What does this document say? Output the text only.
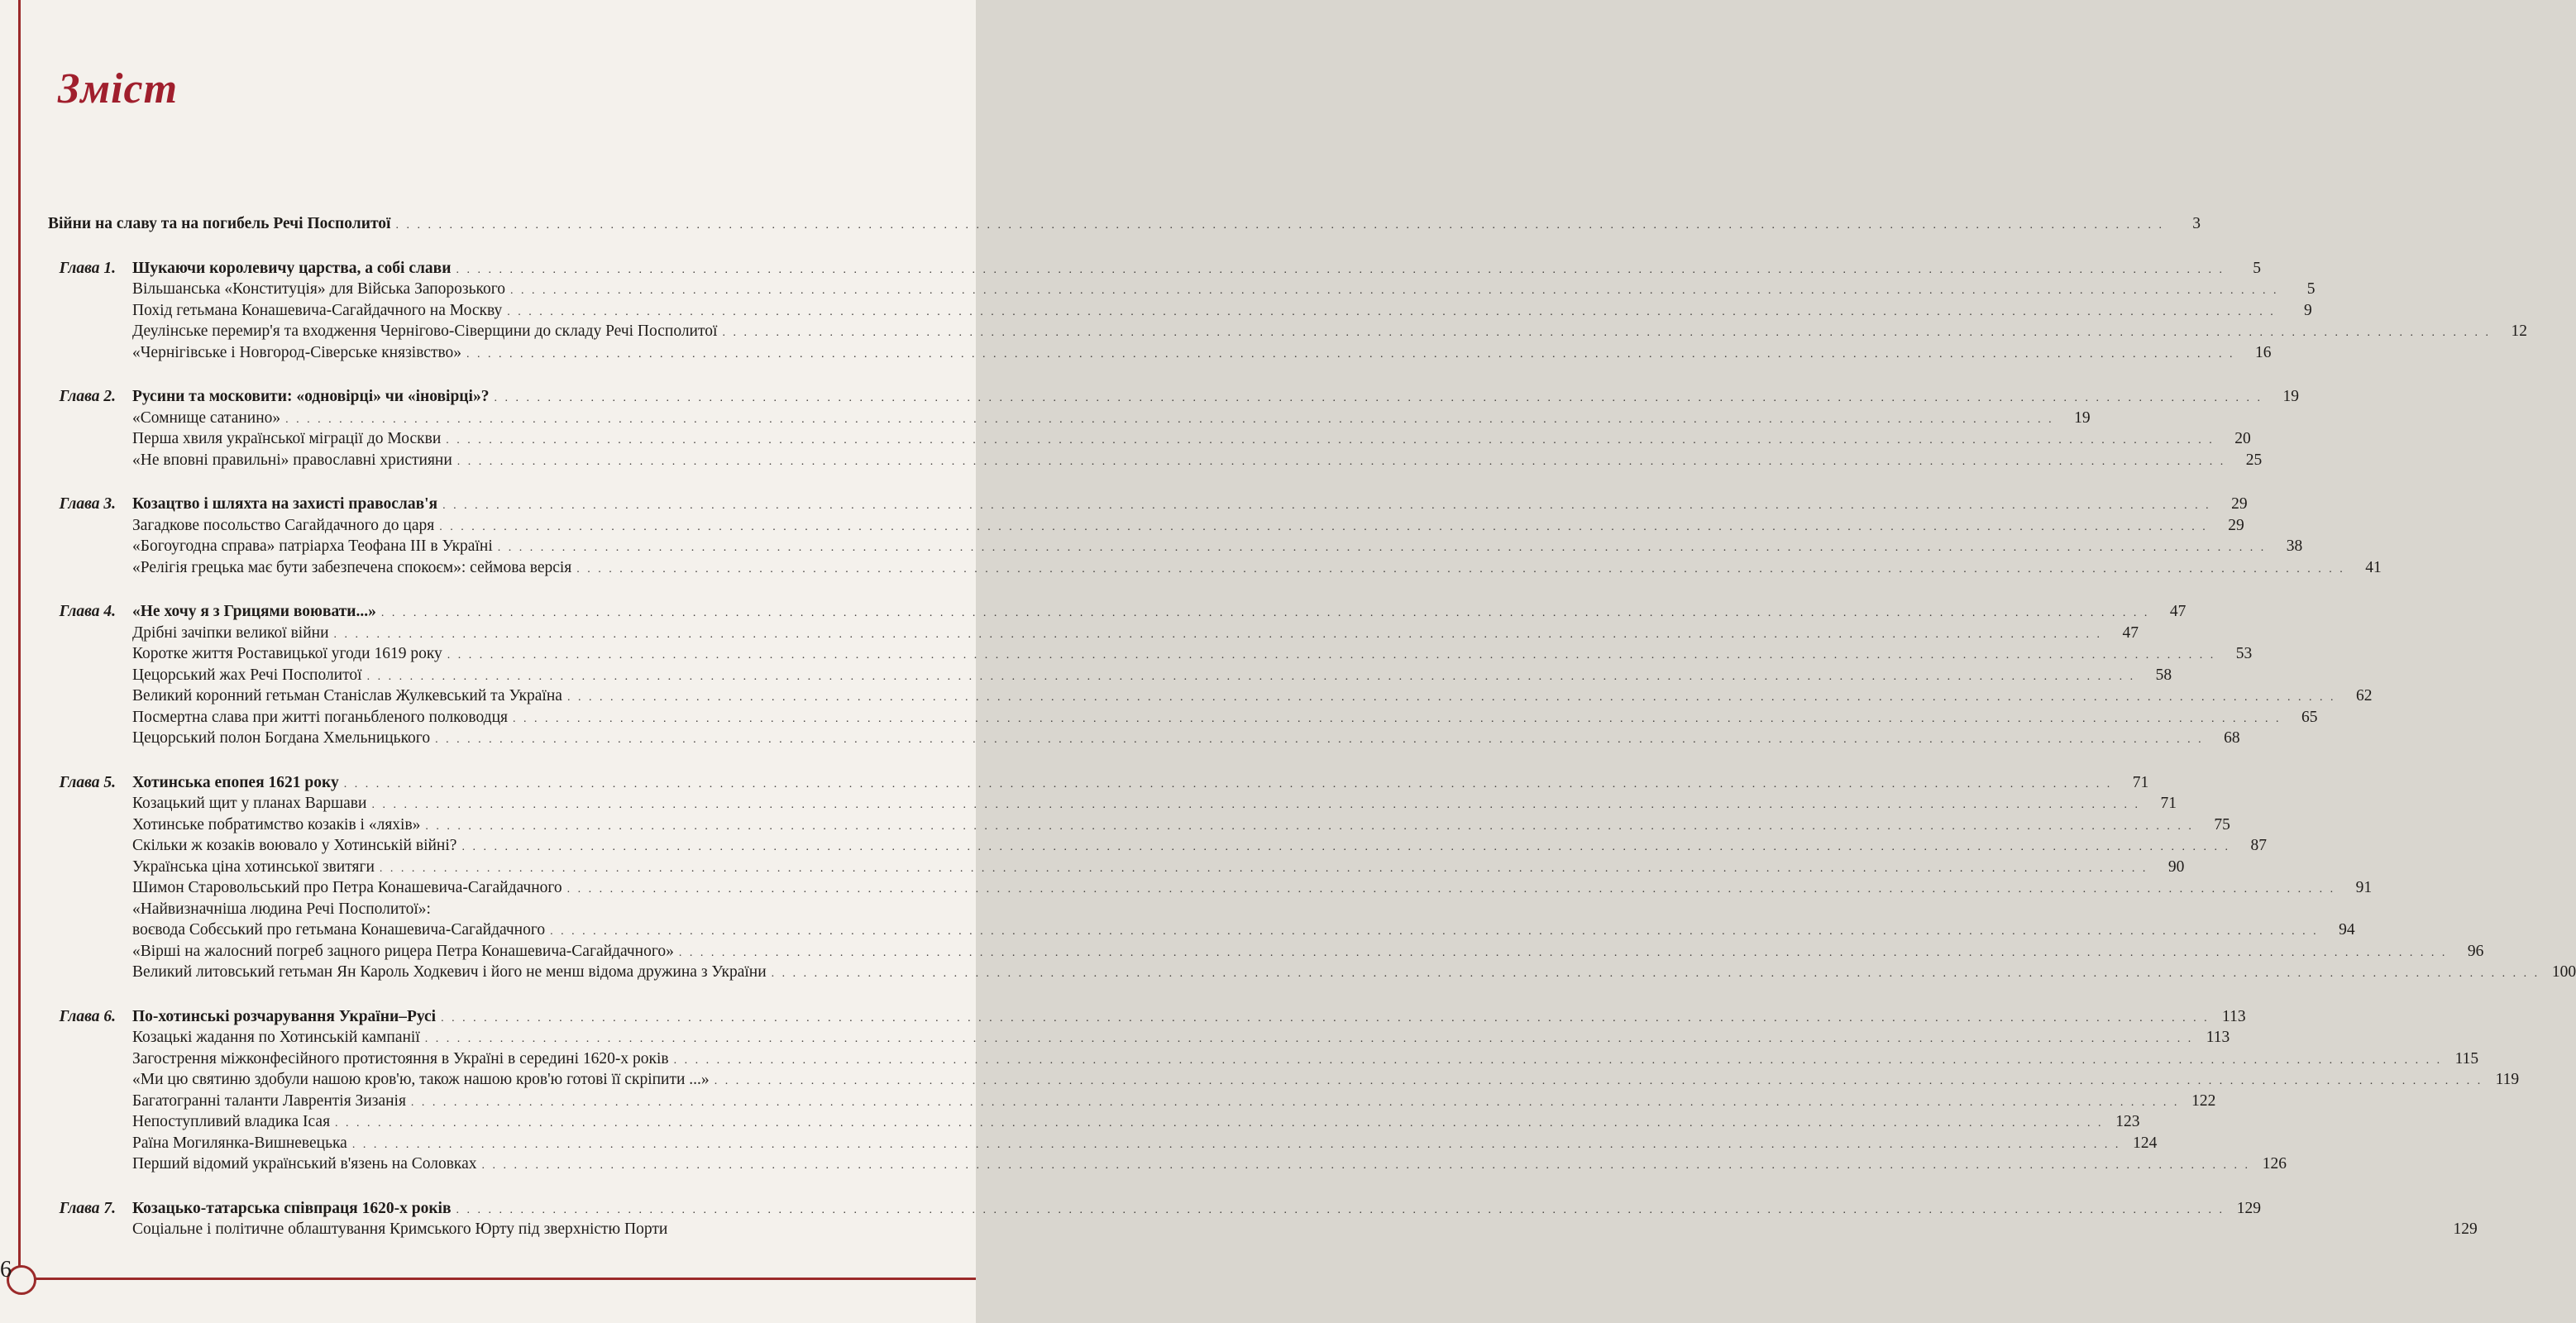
6
Зміст
Війни на славу та на погибель Речі Посполитої . . .	3
Глава 1.	Шукаючи королевичу царства, а собі слави . . .	5
Вільшанська «Конституція» для Війська Запорозького . . .	5
Похід гетьмана Конашевича-Сагайдачного на Москву . . .	9
Деулінське перемир'я та входження Чернігово-Сіверщини до складу Речі Посполитої . . .	12
«Чернігівське і Новгород-Сіверське князівство» . . .	16
Глава 2.	Русини та московити: «одновірці» чи «іновірці»? . . .	19
«Сомнище сатанино» . . .	19
Перша хвиля української міграції до Москви . . .	20
«Не вповні правильні» православні християни . . .	25
Глава 3.	Козацтво і шляхта на захисті православ'я . . .	29
Загадкове посольство Сагайдачного до царя . . .	29
«Богоугодна справа» патріарха Теофана III в Україні . . .	38
«Релігія грецька має бути забезпечена спокоєм»: сеймова версія . . .	41
Глава 4.	«Не хочу я з Грицями воювати...» . . .	47
Дрібні зачіпки великої війни . . .	47
Коротке життя Роставицької угоди 1619 року . . .	53
Цецорський жах Речі Посполитої . . .	58
Великий коронний гетьман Станіслав Жулкевський та Україна . . .	62
Посмертна слава при житті поганьбленого полководця . . .	65
Цецорський полон Богдана Хмельницького . . .	68
Глава 5.	Хотинська епопея 1621 року . . .	71
Козацький щит у планах Варшави . . .	71
Хотинське побратимство козаків і «ляхів» . . .	75
Скільки ж козаків воювало у Хотинській війні? . . .	87
Українська ціна хотинської звитяги . . .	90
Шимон Старовольський про Петра Конашевича-Сагайдачного . . .	91
«Найвизначніша людина Речі Посполитої»:
воєвода Собєський про гетьмана Конашевича-Сагайдачного . . .	94
«Вірші на жалосний погреб зацного рицера Петра Конашевича-Сагайдачного» . . .	96
Великий литовський гетьман Ян Кароль Ходкевич і його не менш відома дружина з України . . .	100
Глава 6.	По-хотинські розчарування України–Русі . . .	113
Козацькі жадання по Хотинській кампанії . . .	113
Загострення міжконфесійного протистояння в Україні в середині 1620-х років . . .	115
«Ми цю святиню здобули нашою кров'ю, також нашою кров'ю готові її скріпити ...» . . .	119
Багатогранні таланти Лаврентія Зизанія . . .	122
Непоступливий владика Ісая . . .	123
Раїна Могилянка-Вишневецька . . .	124
Перший відомий український в'язень на Соловках . . .	126
Глава 7.	Козацько-татарська співпраця 1620-х років . . .	129
Соціальне і політичне облаштування Кримського Юрту під зверхністю Порти	129
